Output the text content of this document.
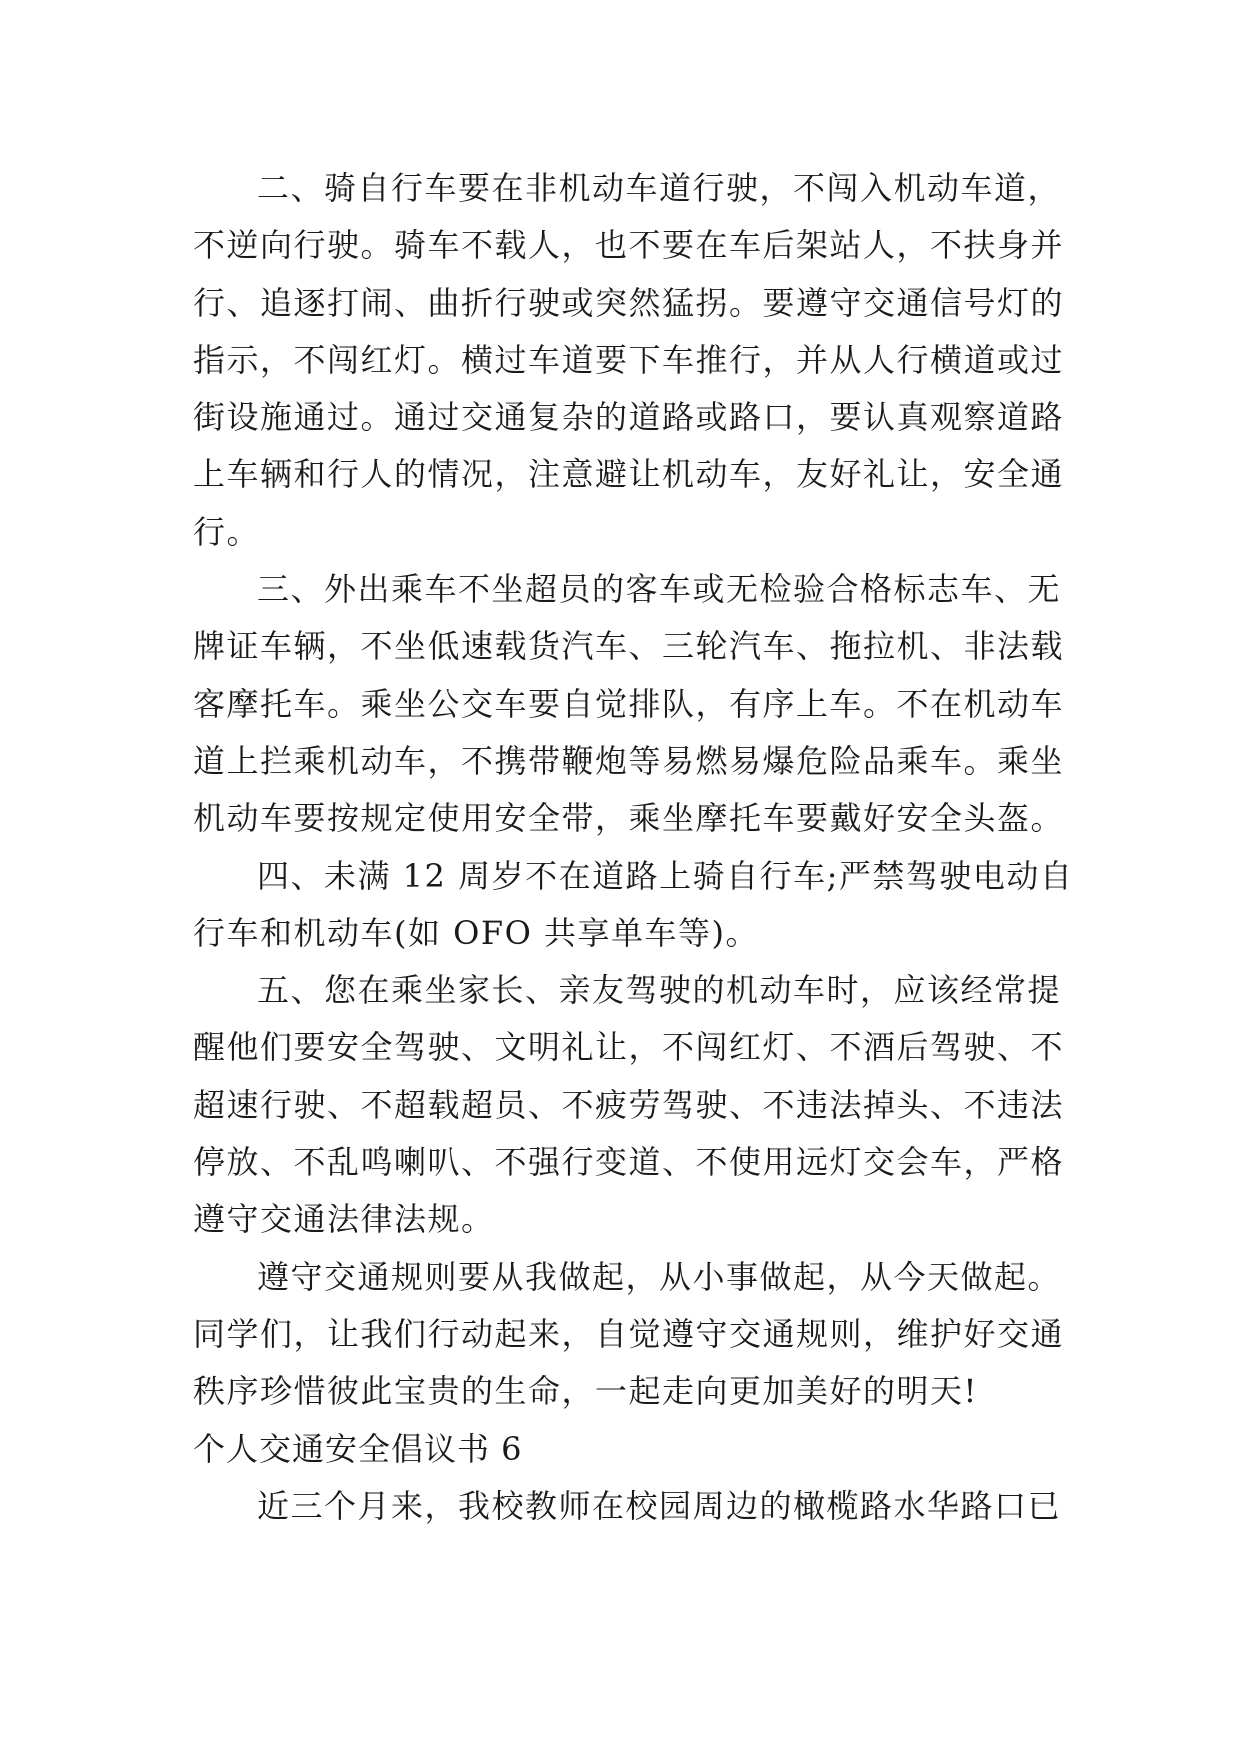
二、骑自行车要在非机动车道行驶，不闯入机动车道，
不逆向行驶。骑车不载人，也不要在车后架站人，不扶身并
行、追逐打闹、曲折行驶或突然猛拐。要遵守交通信号灯的
指示，不闯红灯。横过车道要下车推行，并从人行横道或过
街设施通过。通过交通复杂的道路或路口，要认真观察道路
上车辆和行人的情况，注意避让机动车，友好礼让，安全通
行。
三、外出乘车不坐超员的客车或无检验合格标志车、无
牌证车辆，不坐低速载货汽车、三轮汽车、拖拉机、非法载
客摩托车。乘坐公交车要自觉排队，有序上车。不在机动车
道上拦乘机动车，不携带鞭炮等易燃易爆危险品乘车。乘坐
机动车要按规定使用安全带，乘坐摩托车要戴好安全头盔。
四、未满 12 周岁不在道路上骑自行车;严禁驾驶电动自
行车和机动车(如 OFO 共享单车等)。
五、您在乘坐家长、亲友驾驶的机动车时，应该经常提
醒他们要安全驾驶、文明礼让，不闯红灯、不酒后驾驶、不
超速行驶、不超载超员、不疲劳驾驶、不违法掉头、不违法
停放、不乱鸣喇叭、不强行变道、不使用远灯交会车，严格
遵守交通法律法规。
遵守交通规则要从我做起，从小事做起，从今天做起。
同学们，让我们行动起来，自觉遵守交通规则，维护好交通
秩序珍惜彼此宝贵的生命，一起走向更加美好的明天!
个人交通安全倡议书 6
近三个月来，我校教师在校园周边的橄榄路水华路口已
